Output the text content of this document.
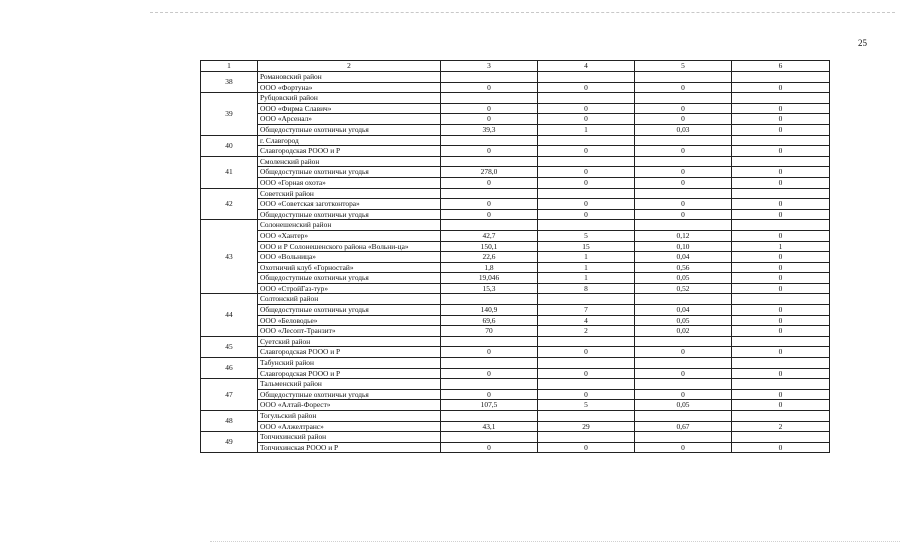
25
1	2	3	4	5	6
38	Романовский район				
	ООО «Фортуна»	0	0	0	0
39	Рубцовский район				
	ООО «Фирма Славич»	0	0	0	0
	ООО «Арсенал»	0	0	0	0
	Общедоступные охотничьи угодья	39,3	1	0,03	0
40	г. Славгород				
	Славгородская РООО и Р	0	0	0	0
41	Смоленский район				
	Общедоступные охотничьи угодья	278,0	0	0	0
	ООО «Горная охота»	0	0	0	0
42	Советский район				
	ООО «Советская заготконтора»	0	0	0	0
	Общедоступные охотничьи угодья	0	0	0	0
43	Солонешенский район				
	ООО «Хантер»	42,7	5	0,12	0
	ООО и Р Солонешенского района «Вольни-ца»	150,1	15	0,10	1
	ООО «Вольница»	22,6	1	0,04	0
	Охотничий клуб «Горностай»	1,8	1	0,56	0
	Общедоступные охотничьи угодья	19,046	1	0,05	0
	ООО «СтройГаз-тур»	15,3	8	0,52	0
44	Солтонский район				
	Общедоступные охотничьи угодья	140,9	7	0,04	0
	ООО «Беловодье»	69,6	4	0,05	0
	ООО «Лесопт-Транзит»	70	2	0,02	0
45	Суетский район				
	Славгородская РООО и Р	0	0	0	0
46	Табунский район				
	Славгородская РООО и Р	0	0	0	0
47	Тальменский район				
	Общедоступные охотничьи угодья	0	0	0	0
	ООО «Алтай-Форест»	107,5	5	0,05	0
48	Тогульский район				
	ООО «Алжелтранс»	43,1	29	0,67	2
49	Топчихинский район				
	Топчихинская РООО и Р	0	0	0	0
